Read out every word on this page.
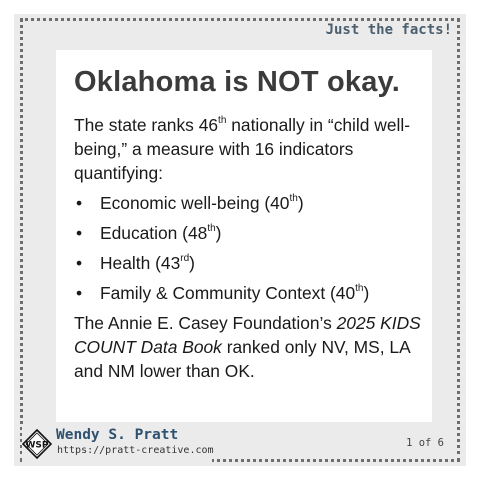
Just the facts!
Oklahoma is NOT okay.

The state ranks 46th nationally in “child well-being,” a measure with 16 indicators quantifying:

• Economic well-being (40th)
• Education (48th)
• Health (43rd)
• Family & Community Context (40th)

The Annie E. Casey Foundation’s 2025 KIDS COUNT Data Book ranked only NV, MS, LA and NM lower than OK.

WSP
Wendy S. Pratt
https://pratt-creative.com
1 of 6
